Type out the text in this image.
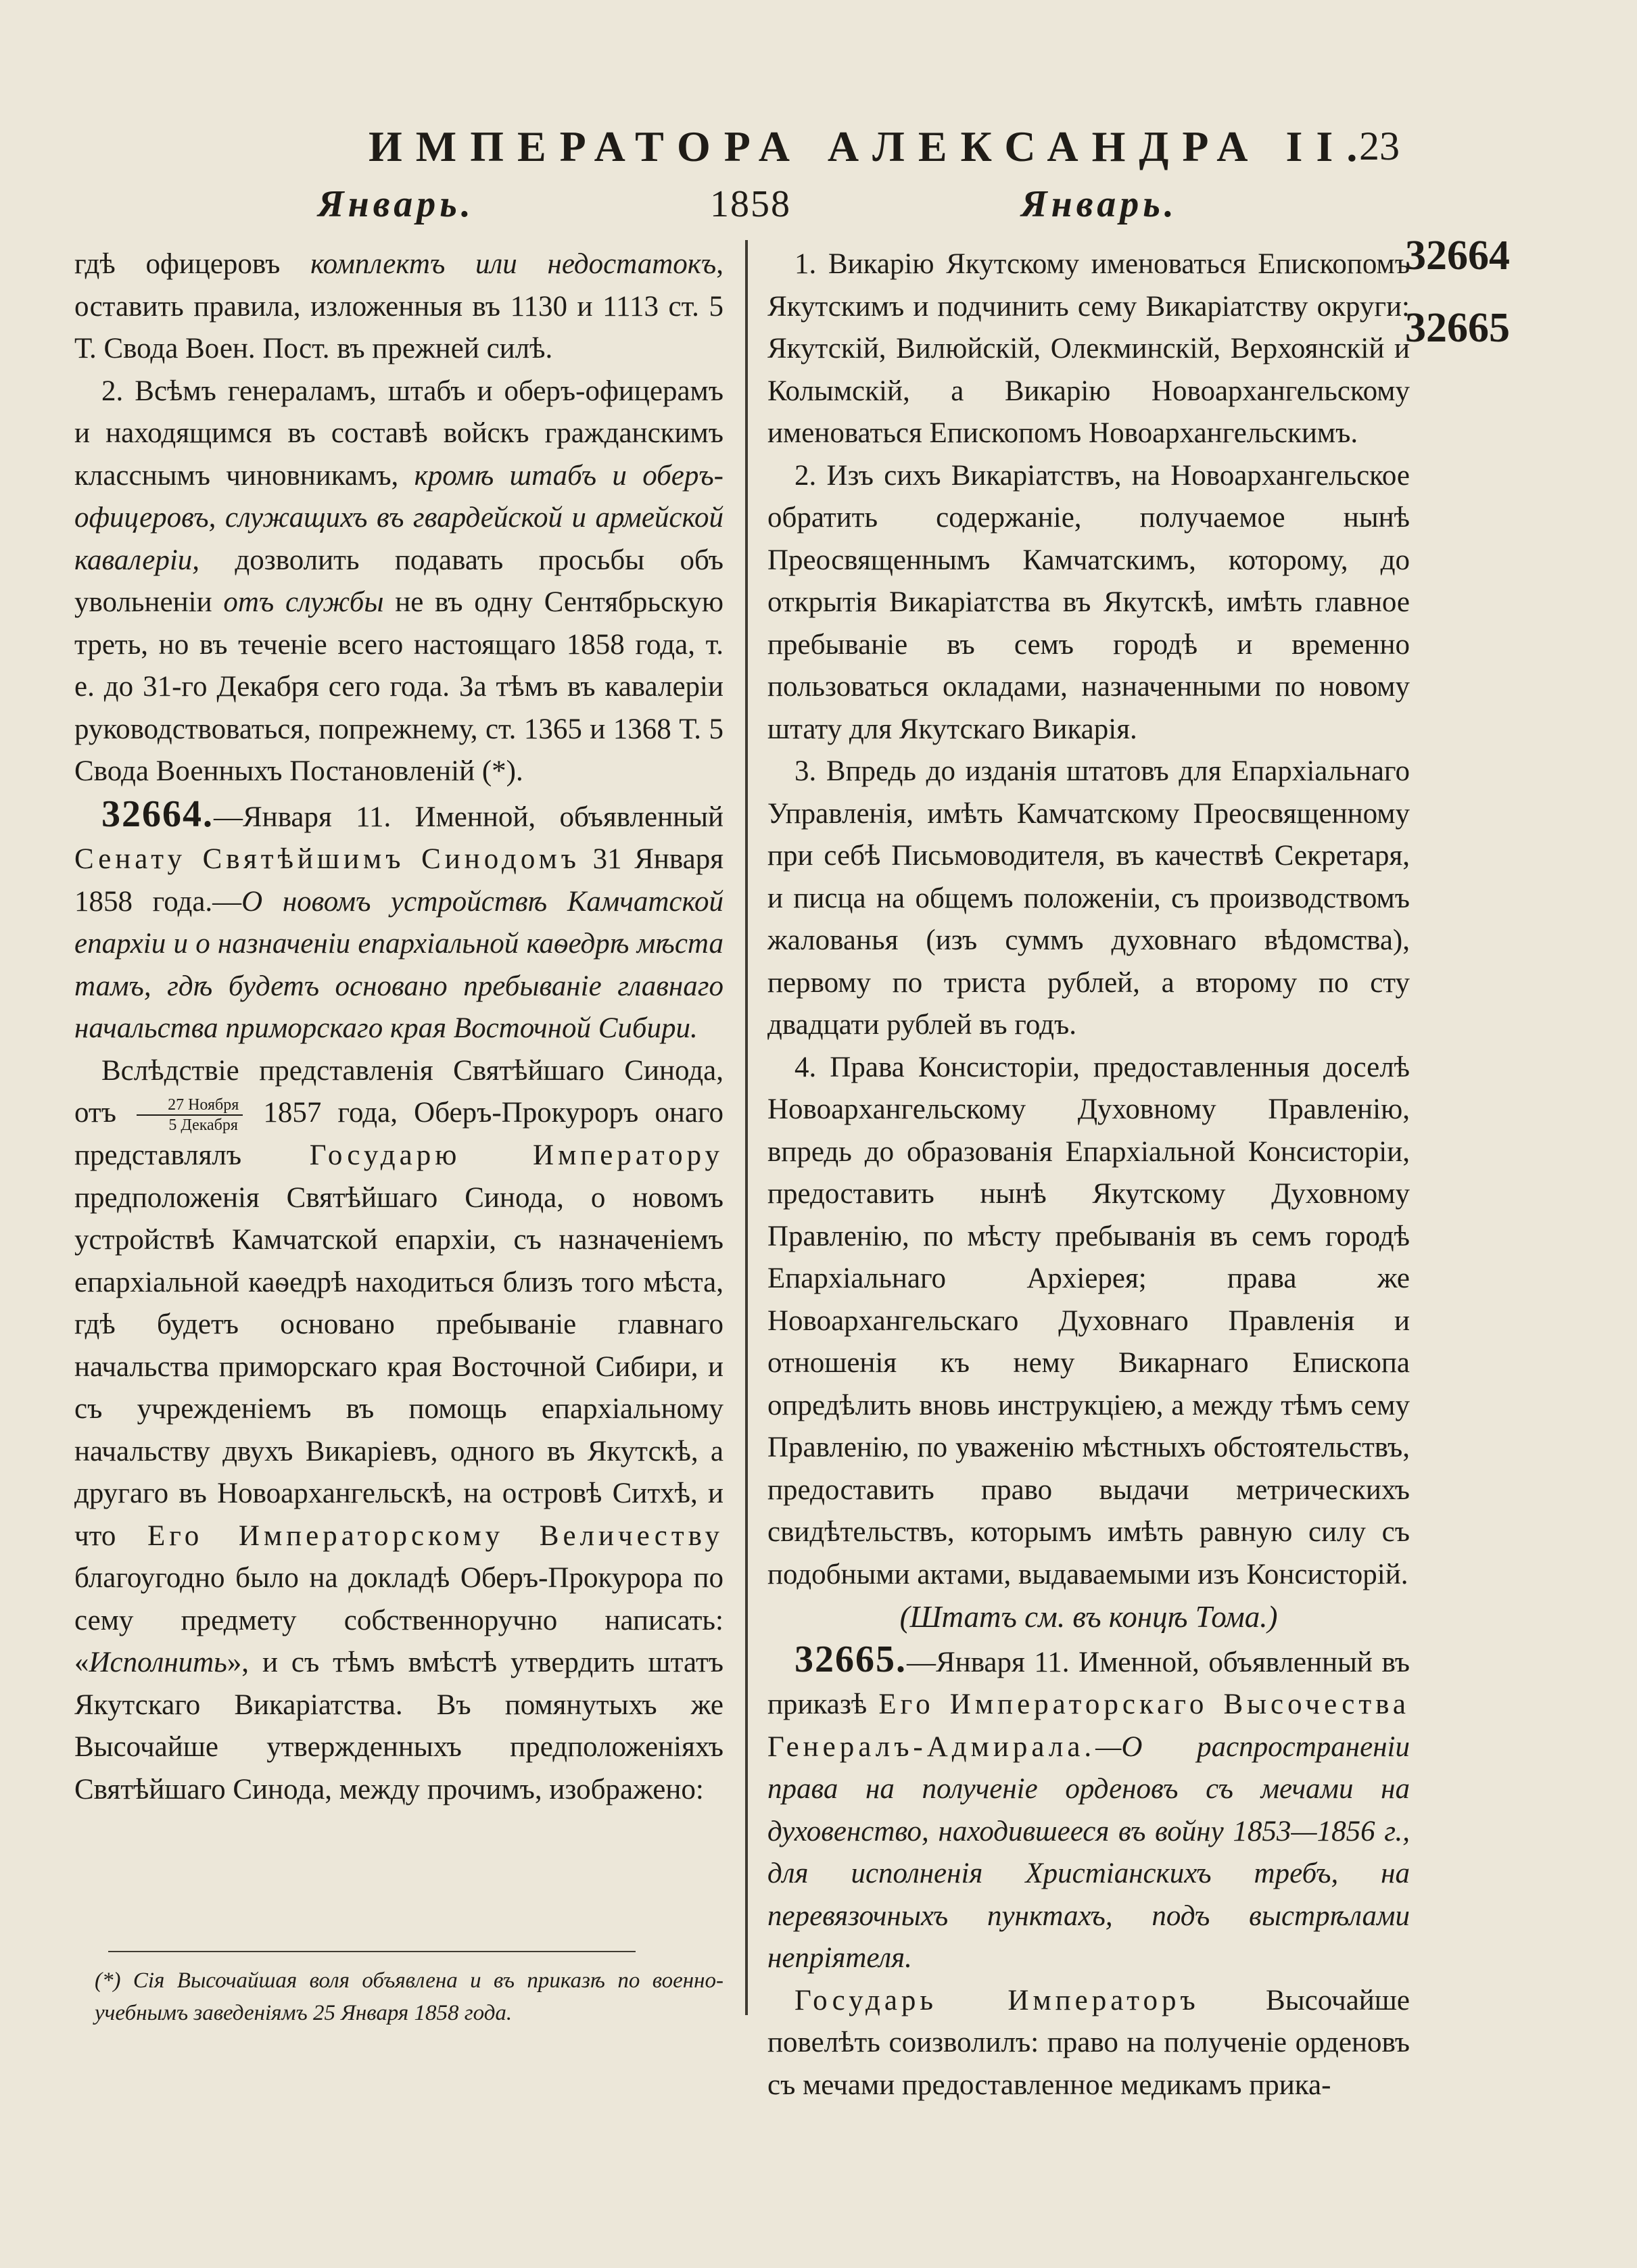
ИМПЕРАТОРА АЛЕКСАНДРА II.
23
Январь.	1858	Январь.

гдѣ офицеровъ комплектъ или недостатокъ, оставить правила, изложенныя въ 1130 и 1113 ст. 5 Т. Свода Воен. Пост. въ прежней силѣ.

2. Всѣмъ генераламъ, штабъ и оберъ-офицерамъ и находящимся въ составѣ войскъ гражданскимъ класснымъ чиновникамъ, кромѣ штабъ и оберъ-офицеровъ, служащихъ въ гвардейской и армейской кавалеріи, дозволить подавать просьбы объ увольненіи отъ службы не въ одну Сентябрьскую треть, но въ теченіе всего настоящаго 1858 года, т. е. до 31-го Декабря сего года. За тѣмъ въ кавалеріи руководствоваться, попрежнему, ст. 1365 и 1368 Т. 5 Свода Военныхъ Постановленій (*).

32664.—Января 11. Именной, объявленный Сенату Святѣйшимъ Синодомъ 31 Января 1858 года.—О новомъ устройствѣ Камчатской епархіи и о назначеніи епархіальной каѳедрѣ мѣста тамъ, гдѣ будетъ основано пребываніе главнаго начальства приморскаго края Восточной Сибири.

Вслѣдствіе представленія Святѣйшаго Синода, отъ $\frac{\text{27 Ноября}}{\text{5 Декабря}} 1857$ года, Оберъ-Прокуроръ онаго представлялъ Государю Императору предположенія Святѣйшаго Синода, о новомъ устройствѣ Камчатской епархіи, съ назначеніемъ епархіальной каѳедрѣ находиться близъ того мѣста, гдѣ будетъ основано пребываніе главнаго начальства приморскаго края Восточной Сибири, и съ учрежденіемъ въ помощь епархіальному начальству двухъ Викаріевъ, одного въ Якутскѣ, а другаго въ Новоархангельскѣ, на островѣ Ситхѣ, и что Его Императорскому Величеству благоугодно было на докладѣ Оберъ-Прокурора по сему предмету собственноручно написать: «Исполнить», и съ тѣмъ вмѣстѣ утвердить штатъ Якутскаго Викаріатства. Въ помянутыхъ же Высочайше утвержденныхъ предположеніяхъ Святѣйшаго Синода, между прочимъ, изображено:

1. Викарію Якутскому именоваться Епископомъ Якутскимъ и подчинить сему Викаріатству округи: Якутскій, Вилюйскій, Олекминскій, Верхоянскій и Колымскій, а Викарію Новоархангельскому именоваться Епископомъ Новоархангельскимъ.

2. Изъ сихъ Викаріатствъ, на Новоархангельское обратить содержаніе, получаемое нынѣ Преосвященнымъ Камчатскимъ, которому, до открытія Викаріатства въ Якутскѣ, имѣть главное пребываніе въ семъ городѣ и временно пользоваться окладами, назначенными по новому штату для Якутскаго Викарія.

3. Впредь до изданія штатовъ для Епархіальнаго Управленія, имѣть Камчатскому Преосвященному при себѣ Письмоводителя, въ качествѣ Секретаря, и писца на общемъ положеніи, съ производствомъ жалованья (изъ суммъ духовнаго вѣдомства), первому по триста рублей, а второму по сту двадцати рублей въ годъ.

4. Права Консисторіи, предоставленныя доселѣ Новоархангельскому Духовному Правленію, впредь до образованія Епархіальной Консисторіи, предоставить нынѣ Якутскому Духовному Правленію, по мѣсту пребыванія въ семъ городѣ Епархіальнаго Архіерея; права же Новоархангельскаго Духовнаго Правленія и отношенія къ нему Викарнаго Епископа опредѣлить вновь инструкціею, а между тѣмъ сему Правленію, по уваженію мѣстныхъ обстоятельствъ, предоставить право выдачи метрическихъ свидѣтельствъ, которымъ имѣть равную силу съ подобными актами, выдаваемыми изъ Консисторій.

(Штатъ см. въ концѣ Тома.)

32665.—Января 11. Именной, объявленный въ приказѣ Его Императорскаго Высочества Генералъ-Адмирала.—О распространеніи права на полученіе орденовъ съ мечами на духовенство, находившееся въ войну 1853—1856 г., для исполненія Христіанскихъ требъ, на перевязочныхъ пунктахъ, подъ выстрѣлами непріятеля.

Государь Императоръ Высочайше повелѣть соизволилъ: право на полученіе орденовъ съ мечами предоставленное медикамъ прика-

32664
32665
(*) Сія Высочайшая воля объявлена и въ приказѣ по военно-учебнымъ заведеніямъ 25 Января 1858 года.
